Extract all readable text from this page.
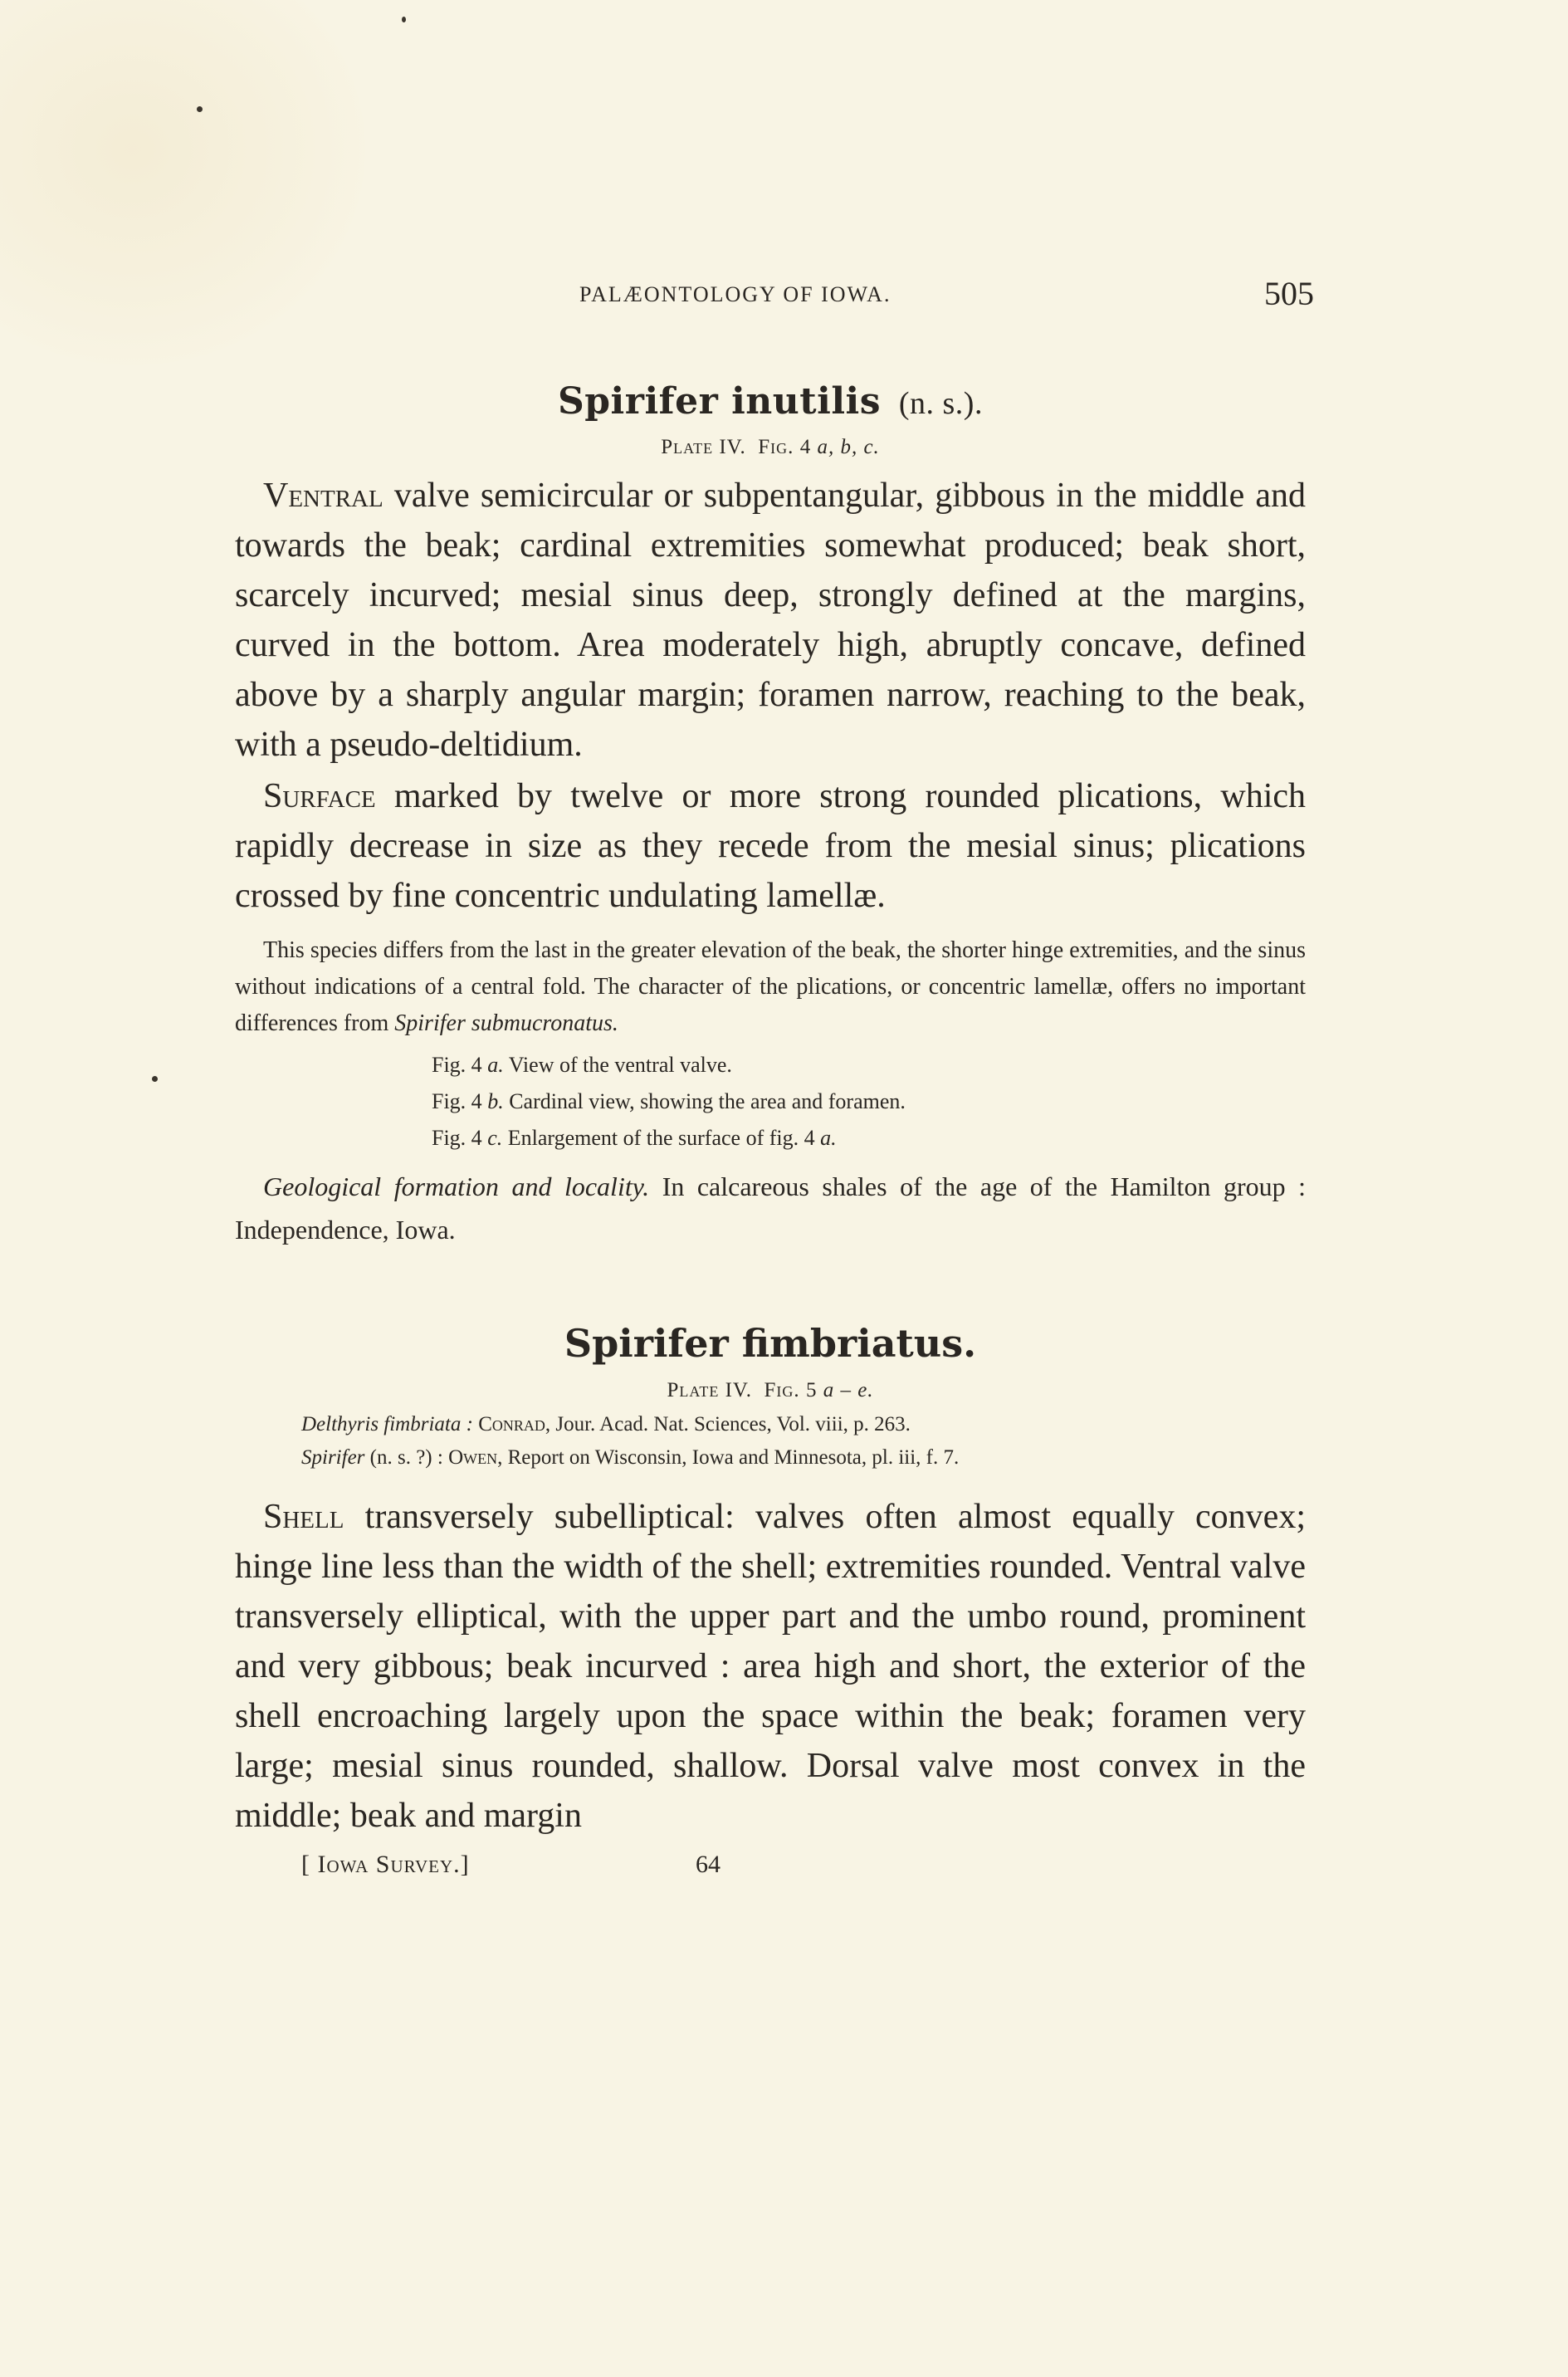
PALÆONTOLOGY OF IOWA.	505
Spirifer inutilis (n. s.).
Plate IV. Fig. 4 a, b, c.

Ventral valve semicircular or subpentangular, gibbous in the middle and towards the beak; cardinal extremities somewhat produced; beak short, scarcely incurved; mesial sinus deep, strongly defined at the margins, curved in the bottom. Area moderately high, abruptly concave, defined above by a sharply angular margin; foramen narrow, reaching to the beak, with a pseudo-deltidium.

Surface marked by twelve or more strong rounded plications, which rapidly decrease in size as they recede from the mesial sinus; plications crossed by fine concentric undulating lamellæ.

This species differs from the last in the greater elevation of the beak, the shorter hinge extremities, and the sinus without indications of a central fold. The character of the plications, or concentric lamellæ, offers no important differences from Spirifer submucronatus.

Fig. 4 a. View of the ventral valve.
Fig. 4 b. Cardinal view, showing the area and foramen.
Fig. 4 c. Enlargement of the surface of fig. 4 a.

Geological formation and locality. In calcareous shales of the age of the Hamilton group : Independence, Iowa.

Spirifer fimbriatus.
Plate IV. Fig. 5 a – e.
Delthyris fimbriata : Conrad, Jour. Acad. Nat. Sciences, Vol. viii, p. 263.
Spirifer (n. s. ?) : Owen, Report on Wisconsin, Iowa and Minnesota, pl. iii, f. 7.

Shell transversely subelliptical: valves often almost equally convex; hinge line less than the width of the shell; extremities rounded. Ventral valve transversely elliptical, with the upper part and the umbo round, prominent and very gibbous; beak incurved : area high and short, the exterior of the shell encroaching largely upon the space within the beak; foramen very large; mesial sinus rounded, shallow. Dorsal valve most convex in the middle; beak and margin

[ Iowa Survey.]	64
